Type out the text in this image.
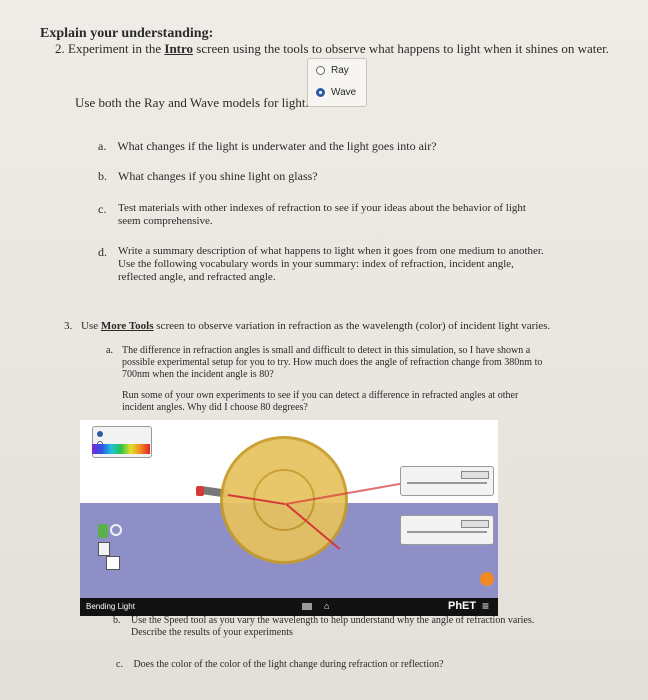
Explain your understanding:
2. Experiment in the Intro screen using the tools to observe what happens to light when it shines on water.
Ray
Wave
Use both the Ray and Wave models for light.
a. What changes if the light is underwater and the light goes into air?
b. What changes if you shine light on glass?
c. Test materials with other indexes of refraction to see if your ideas about the behavior of light
seem comprehensive.
d. Write a summary description of what happens to light when it goes from one medium to another.
Use the following vocabulary words in your summary: index of refraction, incident angle,
reflected angle, and refracted angle.
3. Use More Tools screen to observe variation in refraction as the wavelength (color) of incident light varies.
a. The difference in refraction angles is small and difficult to detect in this simulation, so I have shown a
possible experimental setup for you to try. How much does the angle of refraction change from 380nm to
700nm when the incident angle is 80?
Run some of your own experiments to see if you can detect a difference in refracted angles at other
incident angles. Why did I choose 80 degrees?
Bending Light	⌂	PhET ≡
b. Use the Speed tool as you vary the wavelength to help understand why the angle of refraction varies.
Describe the results of your experiments
c. Does the color of the color of the light change during refraction or reflection?
